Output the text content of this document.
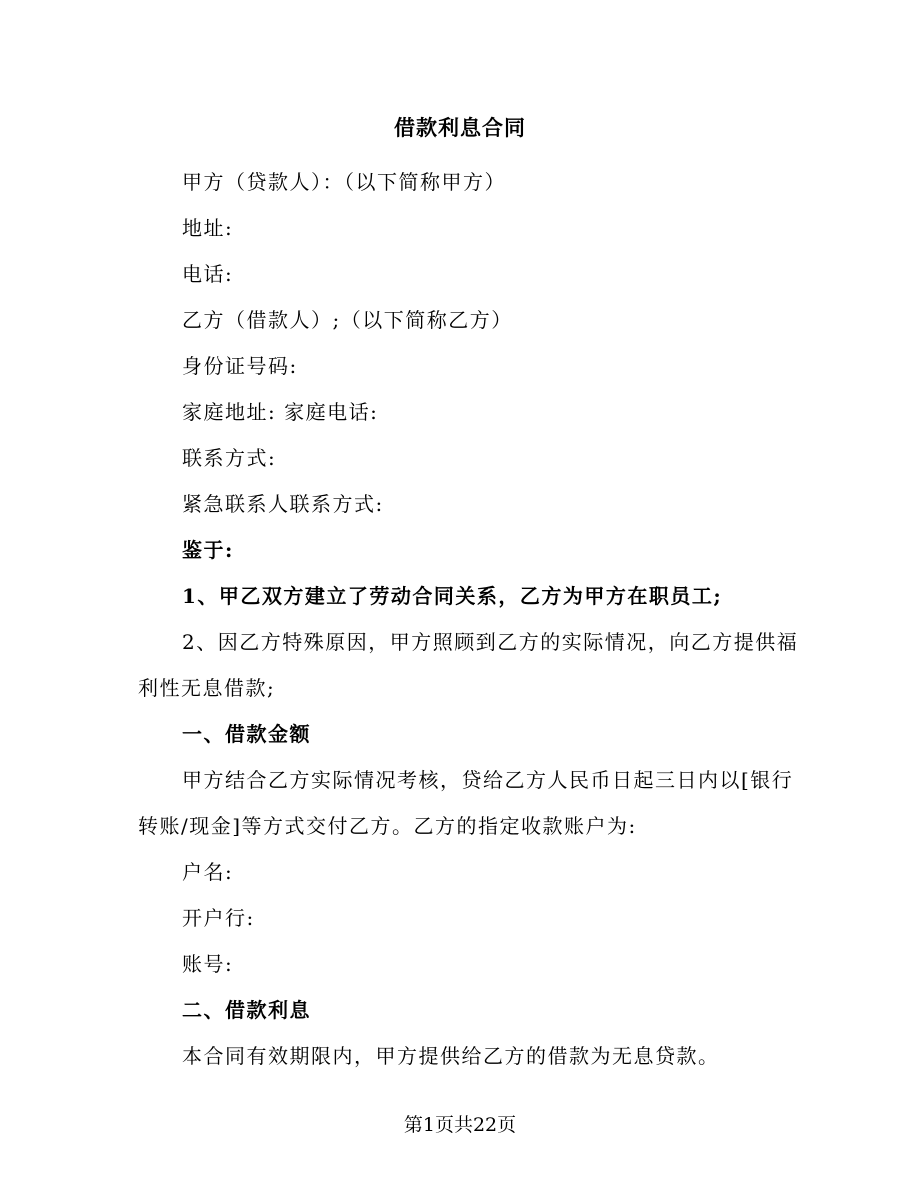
借款利息合同
甲方（贷款人）：（以下简称甲方）
地址:
电话:
乙方（借款人）;（以下简称乙方）
身份证号码:
家庭地址: 家庭电话:
联系方式:
紧急联系人联系方式:
鉴于:
1、甲乙双方建立了劳动合同关系，乙方为甲方在职员工;
2、因乙方特殊原因，甲方照顾到乙方的实际情况，向乙方提供福
利性无息借款;
一、借款金额
甲方结合乙方实际情况考核，贷给乙方人民币日起三日内以[银行
转账/现金]等方式交付乙方。乙方的指定收款账户为:
户名:
开户行:
账号:
二、借款利息
本合同有效期限内，甲方提供给乙方的借款为无息贷款。
第1页共22页
